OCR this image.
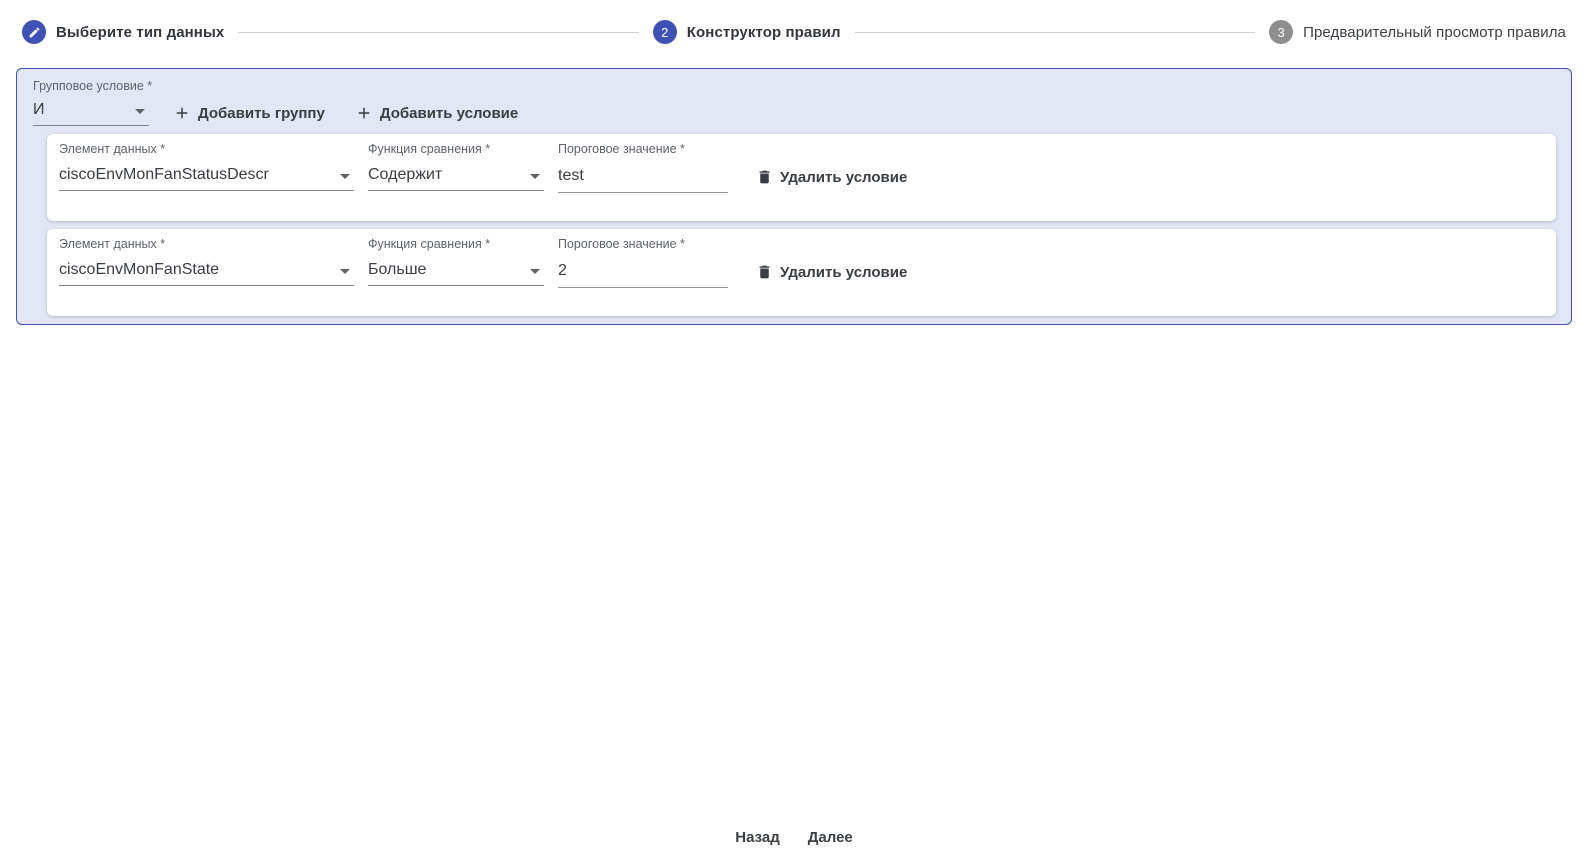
Выберите тип данных	2 Конструктор правил	3 Предварительный просмотр правила
Групповое условие *
И	Добавить группу	Добавить условие
Элемент данных *
ciscoEnvMonFanStatusDescr
Функция сравнения *
Содержит
Пороговое значение *
test
Удалить условие
Элемент данных *
ciscoEnvMonFanState
Функция сравнения *
Больше
Пороговое значение *
2
Удалить условие
Назад Далее
